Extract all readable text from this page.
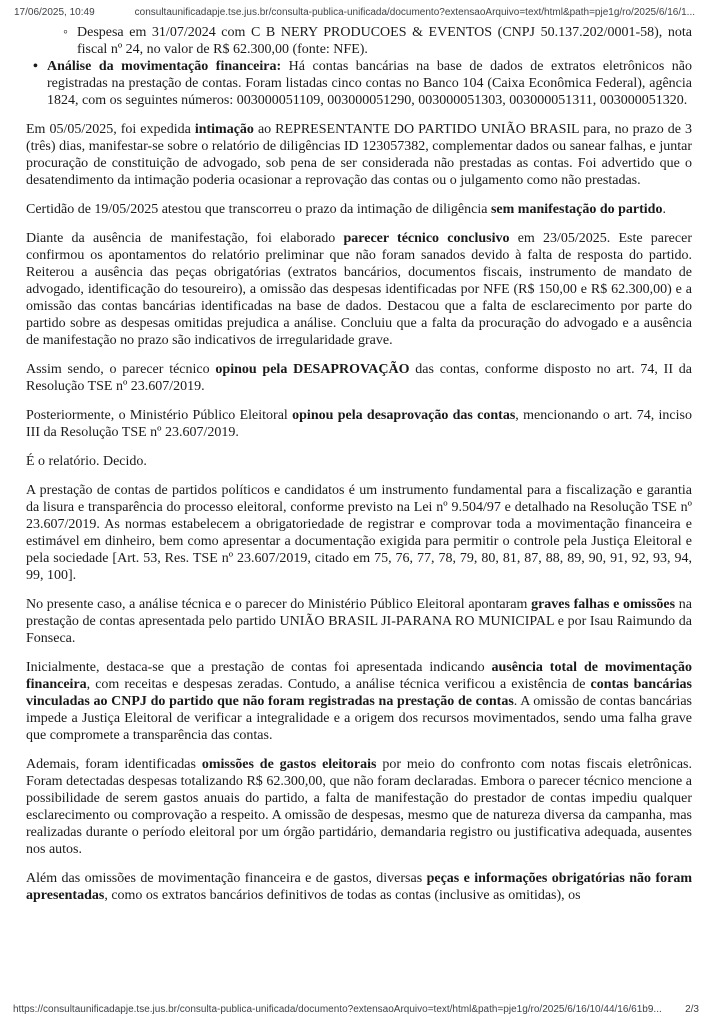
17/06/2025, 10:49	consultaunificadapje.tse.jus.br/consulta-publica-unificada/documento?extensaoArquivo=text/html&path=pje1g/ro/2025/6/16/1...
◦ Despesa em 31/07/2024 com C B NERY PRODUCOES & EVENTOS (CNPJ 50.137.202/0001-58), nota fiscal nº 24, no valor de R$ 62.300,00 (fonte: NFE).
• Análise da movimentação financeira: Há contas bancárias na base de dados de extratos eletrônicos não registradas na prestação de contas. Foram listadas cinco contas no Banco 104 (Caixa Econômica Federal), agência 1824, com os seguintes números: 003000051109, 003000051290, 003000051303, 003000051311, 003000051320.

Em 05/05/2025, foi expedida intimação ao REPRESENTANTE DO PARTIDO UNIÃO BRASIL para, no prazo de 3 (três) dias, manifestar-se sobre o relatório de diligências ID 123057382, complementar dados ou sanear falhas, e juntar procuração de constituição de advogado, sob pena de ser considerada não prestadas as contas. Foi advertido que o desatendimento da intimação poderia ocasionar a reprovação das contas ou o julgamento como não prestadas.

Certidão de 19/05/2025 atestou que transcorreu o prazo da intimação de diligência sem manifestação do partido.

Diante da ausência de manifestação, foi elaborado parecer técnico conclusivo em 23/05/2025. Este parecer confirmou os apontamentos do relatório preliminar que não foram sanados devido à falta de resposta do partido. Reiterou a ausência das peças obrigatórias (extratos bancários, documentos fiscais, instrumento de mandato de advogado, identificação do tesoureiro), a omissão das despesas identificadas por NFE (R$ 150,00 e R$ 62.300,00) e a omissão das contas bancárias identificadas na base de dados. Destacou que a falta de esclarecimento por parte do partido sobre as despesas omitidas prejudica a análise. Concluiu que a falta da procuração do advogado e a ausência de manifestação no prazo são indicativos de irregularidade grave.

Assim sendo, o parecer técnico opinou pela DESAPROVAÇÃO das contas, conforme disposto no art. 74, II da Resolução TSE nº 23.607/2019.

Posteriormente, o Ministério Público Eleitoral opinou pela desaprovação das contas, mencionando o art. 74, inciso III da Resolução TSE nº 23.607/2019.

É o relatório. Decido.

A prestação de contas de partidos políticos e candidatos é um instrumento fundamental para a fiscalização e garantia da lisura e transparência do processo eleitoral, conforme previsto na Lei nº 9.504/97 e detalhado na Resolução TSE nº 23.607/2019. As normas estabelecem a obrigatoriedade de registrar e comprovar toda a movimentação financeira e estimável em dinheiro, bem como apresentar a documentação exigida para permitir o controle pela Justiça Eleitoral e pela sociedade [Art. 53, Res. TSE nº 23.607/2019, citado em 75, 76, 77, 78, 79, 80, 81, 87, 88, 89, 90, 91, 92, 93, 94, 99, 100].

No presente caso, a análise técnica e o parecer do Ministério Público Eleitoral apontaram graves falhas e omissões na prestação de contas apresentada pelo partido UNIÃO BRASIL JI-PARANA RO MUNICIPAL e por Isau Raimundo da Fonseca.

Inicialmente, destaca-se que a prestação de contas foi apresentada indicando ausência total de movimentação financeira, com receitas e despesas zeradas. Contudo, a análise técnica verificou a existência de contas bancárias vinculadas ao CNPJ do partido que não foram registradas na prestação de contas. A omissão de contas bancárias impede a Justiça Eleitoral de verificar a integralidade e a origem dos recursos movimentados, sendo uma falha grave que compromete a transparência das contas.

Ademais, foram identificadas omissões de gastos eleitorais por meio do confronto com notas fiscais eletrônicas. Foram detectadas despesas totalizando R$ 62.300,00, que não foram declaradas. Embora o parecer técnico mencione a possibilidade de serem gastos anuais do partido, a falta de manifestação do prestador de contas impediu qualquer esclarecimento ou comprovação a respeito. A omissão de despesas, mesmo que de natureza diversa da campanha, mas realizadas durante o período eleitoral por um órgão partidário, demandaria registro ou justificativa adequada, ausentes nos autos.

Além das omissões de movimentação financeira e de gastos, diversas peças e informações obrigatórias não foram apresentadas, como os extratos bancários definitivos de todas as contas (inclusive as omitidas), os

https://consultaunificadapje.tse.jus.br/consulta-publica-unificada/documento?extensaoArquivo=text/html&path=pje1g/ro/2025/6/16/10/44/16/61b9... 2/3
